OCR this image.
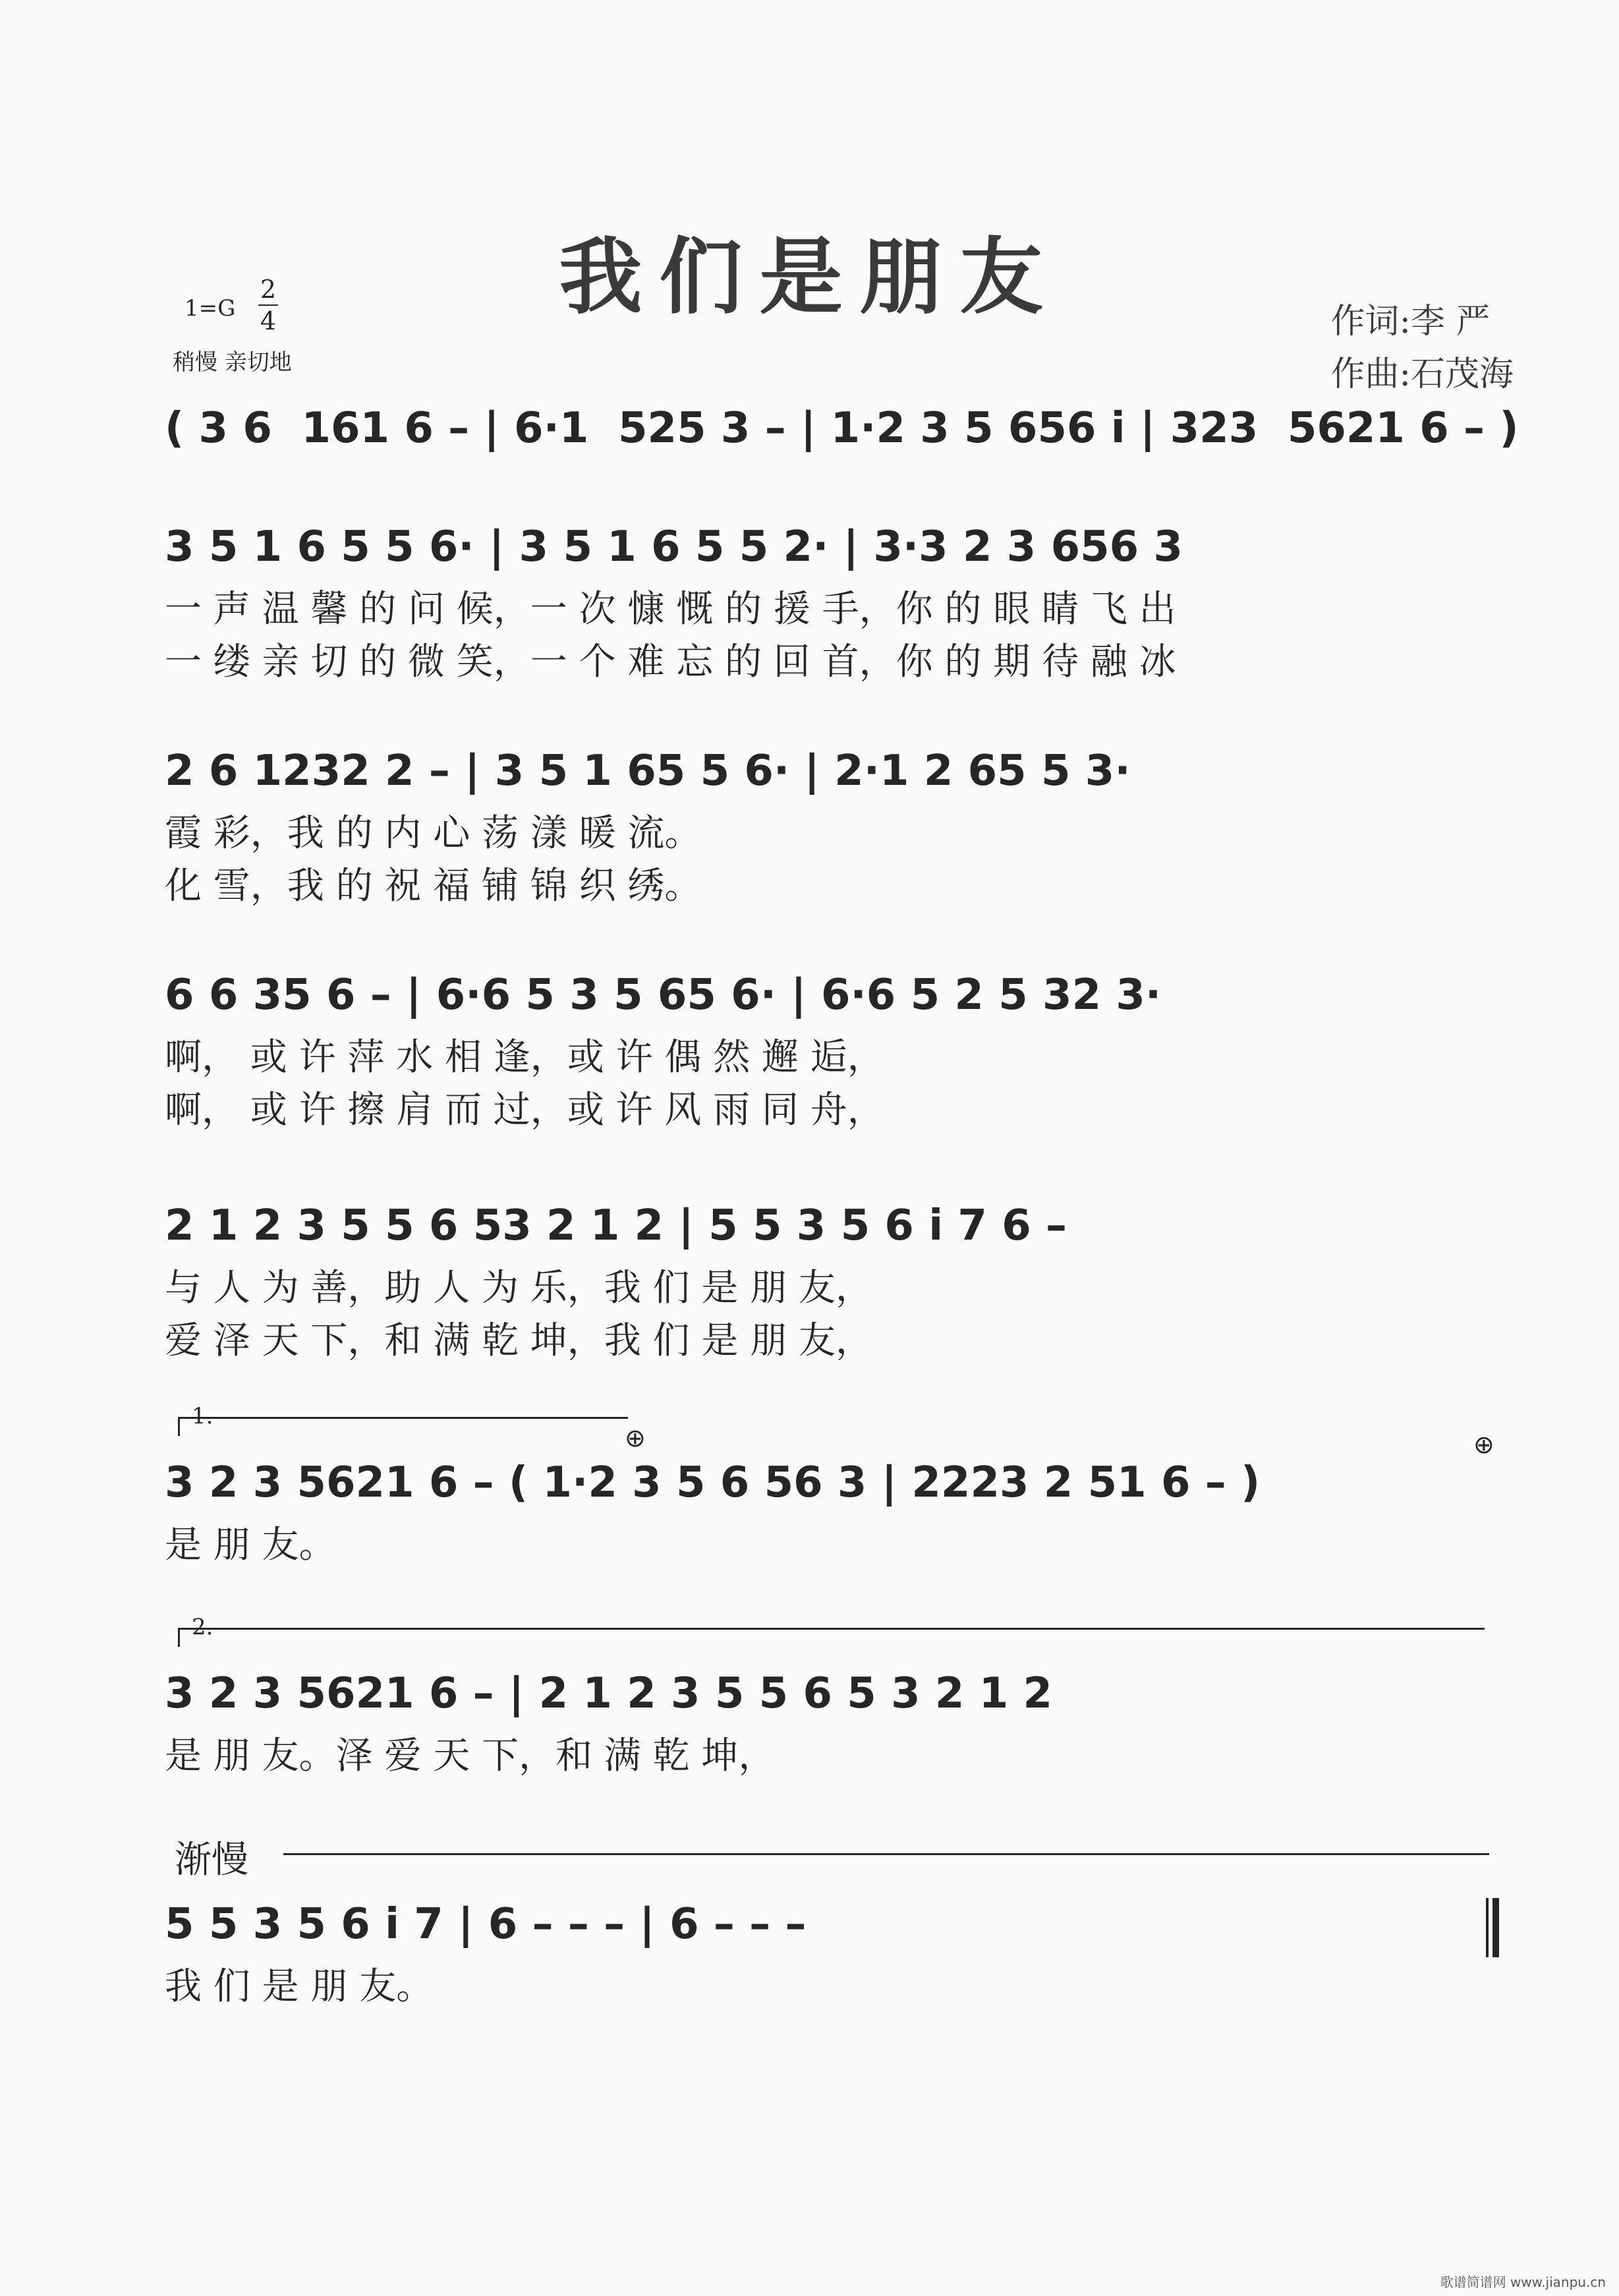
我们是朋友	作词:李 严
作曲:石茂海
1=G
2
4
稍慢 亲切地
( 3 6  161 6 – | 6·1  525 3 – | 1·2 3 5 656 i | 323  5621 6 – )
3 5 1 6 5 5 6· | 3 5 1 6 5 5 2· | 3·3 2 3 656 3
一 声 温 馨 的 问 候，一 次 慷 慨 的 援 手，你 的 眼 睛 飞 出
一 缕 亲 切 的 微 笑，一 个 难 忘 的 回 首，你 的 期 待 融 冰
2 6 1232 2 – | 3 5 1 65 5 6· | 2·1 2 65 5 3·
霞 彩，我 的 内 心 荡 漾 暖 流。
化 雪，我 的 祝 福 铺 锦 织 绣。
6 6 35 6 – | 6·6 5 3 5 65 6· | 6·6 5 2 5 32 3·
啊， 或 许 萍 水 相 逢，或 许 偶 然 邂 逅，
啊， 或 许 擦 肩 而 过，或 许 风 雨 同 舟，
2 1 2 3 5 5 6 53 2 1 2 | 5 5 3 5 6 i 7 6 –
与 人 为 善，助 人 为 乐，我 们 是 朋 友，
爱 泽 天 下，和 满 乾 坤，我 们 是 朋 友，
1.
⊕	⊕
3 2 3 5621 6 – ( 1·2 3 5 6 56 3 | 2223 2 51 6 – )
是 朋 友。
2.
3 2 3 5621 6 – | 2 1 2 3 5 5 6 5 3 2 1 2
是 朋 友。泽 爱 天 下，和 满 乾 坤，
渐慢
5 5 3 5 6 i 7 | 6 – – – | 6 – – –
我 们 是 朋 友。
歌谱简谱网 www.jianpu.cn
